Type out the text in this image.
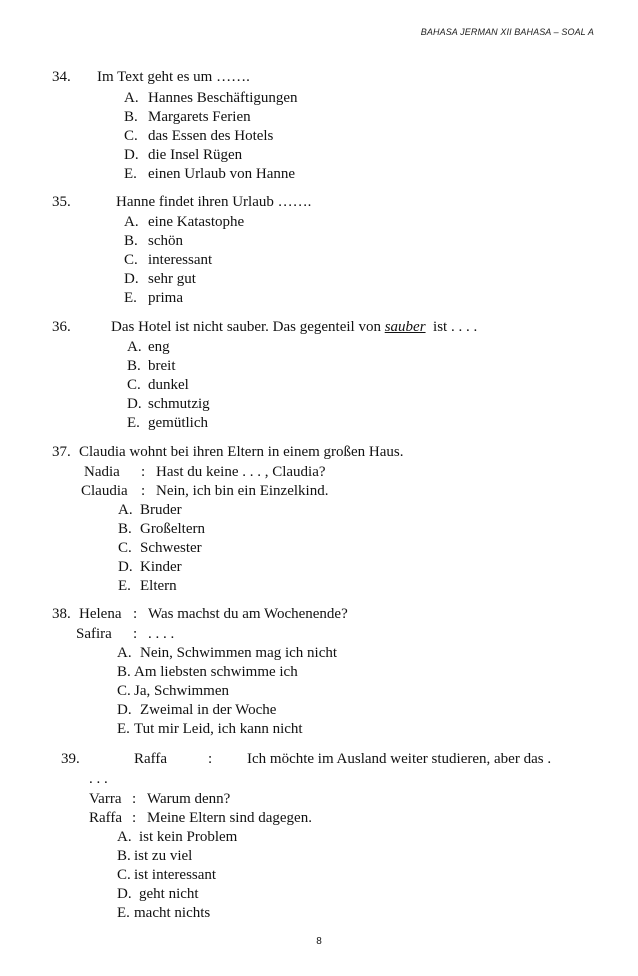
BAHASA JERMAN XII BAHASA – SOAL A
34. Im Text geht es um …….
A. Hannes Beschäftigungen
B. Margarets Ferien
C. das Essen des Hotels
D. die Insel Rügen
E. einen Urlaub von Hanne
35.	Hanne findet ihren Urlaub …….
A. eine Katastophe
B. schön
C. interessant
D. sehr gut
E. prima
36.	Das Hotel ist nicht sauber. Das gegenteil von sauber ist . . . .
A. eng
B. breit
C. dunkel
D. schmutzig
E. gemütlich
37. Claudia wohnt bei ihren Eltern in einem großen Haus.
Nadia : Hast du keine . . . , Claudia?
Claudia : Nein, ich bin ein Einzelkind.
A. Bruder
B. Großeltern
C. Schwester
D. Kinder
E. Eltern
38. Helena : Was machst du am Wochenende?
Safira : . . . .
A. Nein, Schwimmen mag ich nicht
B. Am liebsten schwimme ich
C. Ja, Schwimmen
D. Zweimal in der Woche
E. Tut mir Leid, ich kann nicht
39.	Raffa	: Ich möchte im Ausland weiter studieren, aber das .
. . .
Varra : Warum denn?
Raffa : Meine Eltern sind dagegen.
A. ist kein Problem
B. ist zu viel
C. ist interessant
D. geht nicht
E. macht nichts
8
